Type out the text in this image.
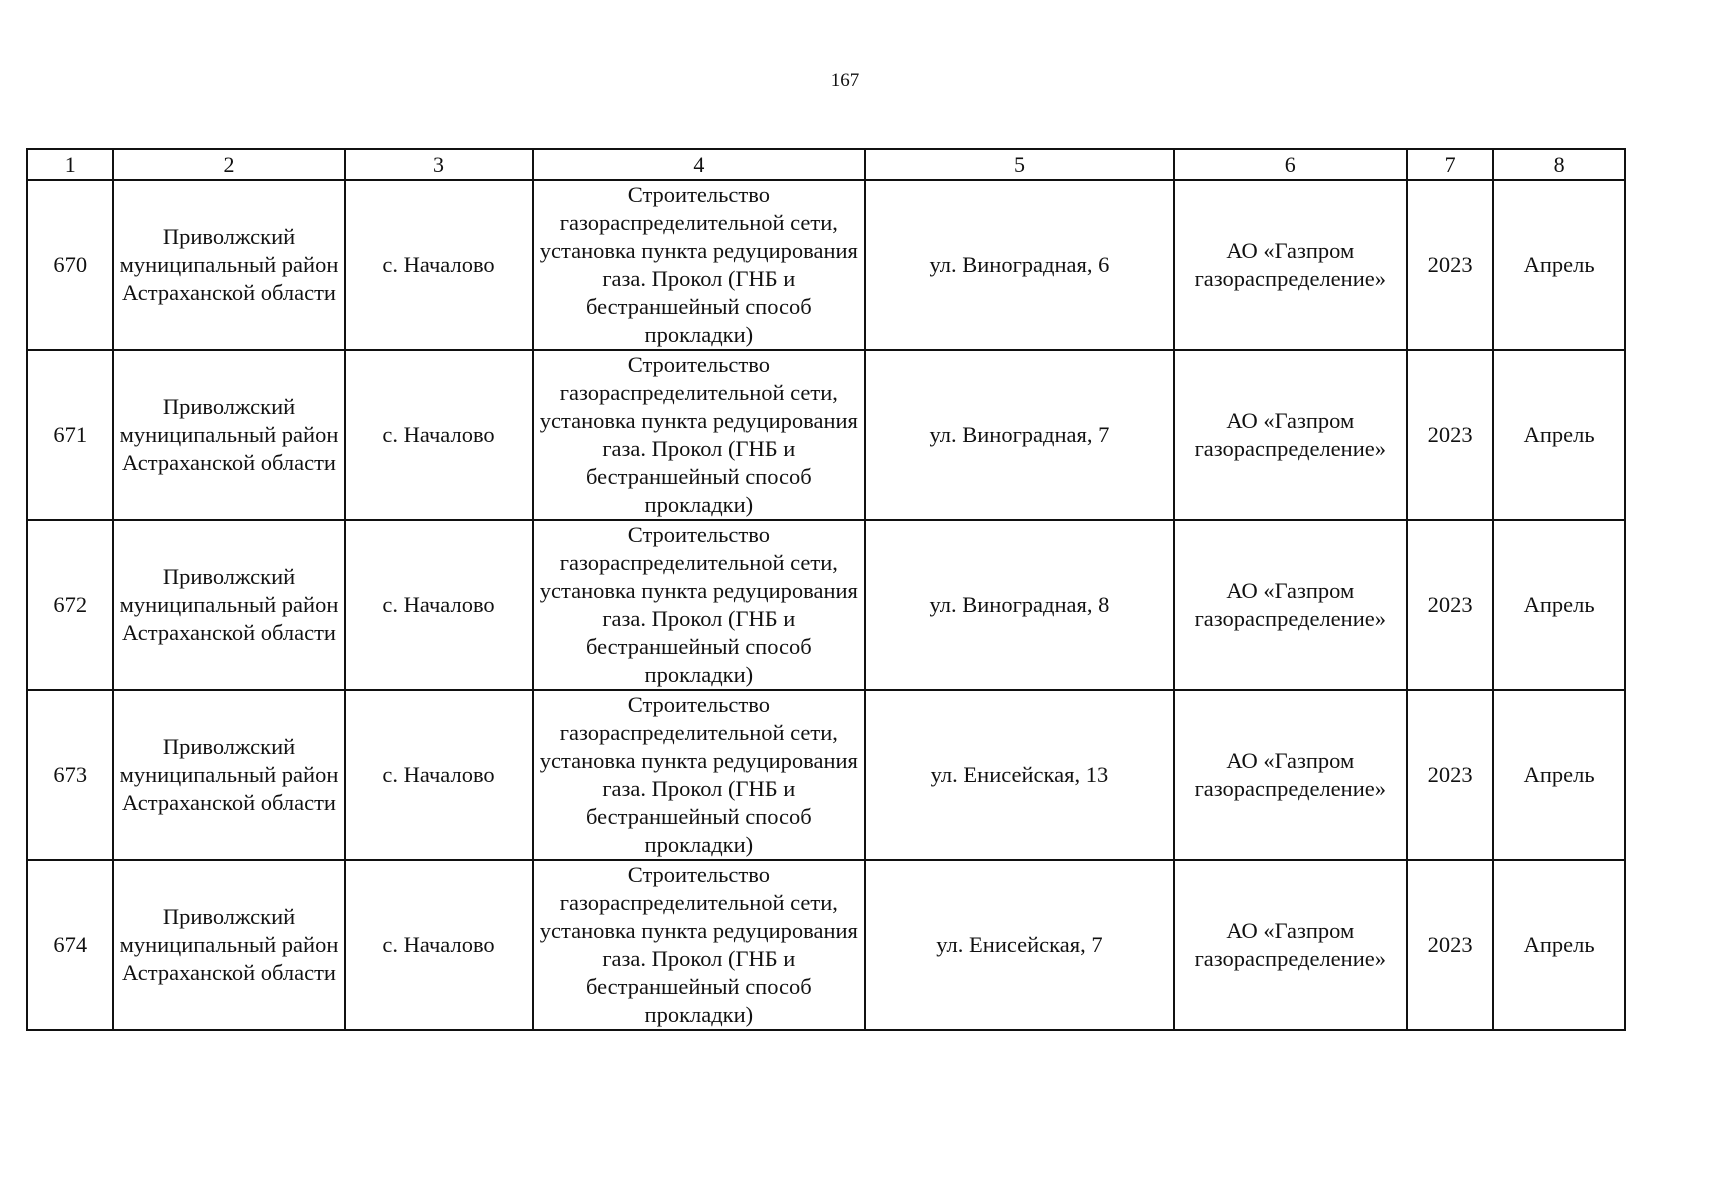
167
1	2	3	4	5	6	7	8
670	Приволжский муниципальный район Астраханской области	с. Началово	Строительство газораспределительной сети, установка пункта редуцирования газа. Прокол (ГНБ и бестраншейный способ прокладки)	ул. Виноградная, 6	АО «Газпром газораспределение»	2023	Апрель
671	Приволжский муниципальный район Астраханской области	с. Началово	Строительство газораспределительной сети, установка пункта редуцирования газа. Прокол (ГНБ и бестраншейный способ прокладки)	ул. Виноградная, 7	АО «Газпром газораспределение»	2023	Апрель
672	Приволжский муниципальный район Астраханской области	с. Началово	Строительство газораспределительной сети, установка пункта редуцирования газа. Прокол (ГНБ и бестраншейный способ прокладки)	ул. Виноградная, 8	АО «Газпром газораспределение»	2023	Апрель
673	Приволжский муниципальный район Астраханской области	с. Началово	Строительство газораспределительной сети, установка пункта редуцирования газа. Прокол (ГНБ и бестраншейный способ прокладки)	ул. Енисейская, 13	АО «Газпром газораспределение»	2023	Апрель
674	Приволжский муниципальный район Астраханской области	с. Началово	Строительство газораспределительной сети, установка пункта редуцирования газа. Прокол (ГНБ и бестраншейный способ прокладки)	ул. Енисейская, 7	АО «Газпром газораспределение»	2023	Апрель
